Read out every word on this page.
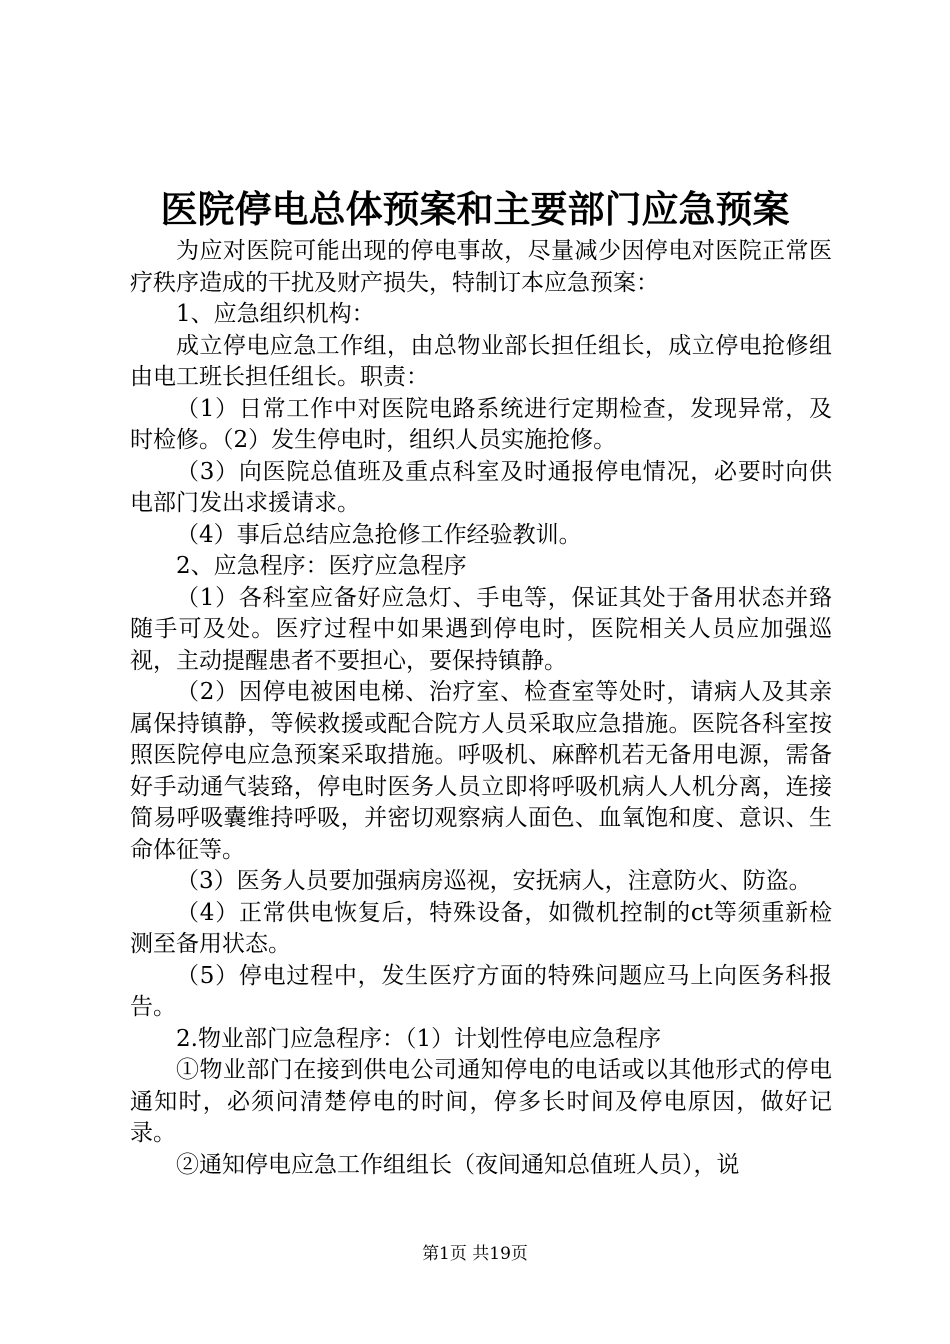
医院停电总体预案和主要部门应急预案

为应对医院可能出现的停电事故，尽量减少因停电对医院正常医疗秩序造成的干扰及财产损失，特制订本应急预案：

1、应急组织机构：

成立停电应急工作组，由总物业部长担任组长，成立停电抢修组由电工班长担任组长。职责：

（1）日常工作中对医院电路系统进行定期检查，发现异常，及时检修。（2）发生停电时，组织人员实施抢修。

（3）向医院总值班及重点科室及时通报停电情况，必要时向供电部门发出求援请求。

（4）事后总结应急抢修工作经验教训。

2、应急程序：医疗应急程序

（1）各科室应备好应急灯、手电等，保证其处于备用状态并臵随手可及处。医疗过程中如果遇到停电时，医院相关人员应加强巡视，主动提醒患者不要担心，要保持镇静。

（2）因停电被困电梯、治疗室、检查室等处时，请病人及其亲属保持镇静，等候救援或配合院方人员采取应急措施。医院各科室按照医院停电应急预案采取措施。呼吸机、麻醉机若无备用电源，需备好手动通气装臵，停电时医务人员立即将呼吸机病人人机分离，连接简易呼吸囊维持呼吸，并密切观察病人面色、血氧饱和度、意识、生命体征等。

（3）医务人员要加强病房巡视，安抚病人，注意防火、防盗。

（4）正常供电恢复后，特殊设备，如微机控制的ct等须重新检测至备用状态。

（5）停电过程中，发生医疗方面的特殊问题应马上向医务科报告。

2.物业部门应急程序：（1）计划性停电应急程序

①物业部门在接到供电公司通知停电的电话或以其他形式的停电通知时，必须问清楚停电的时间，停多长时间及停电原因，做好记录。

②通知停电应急工作组组长（夜间通知总值班人员），说

第1页 共19页
